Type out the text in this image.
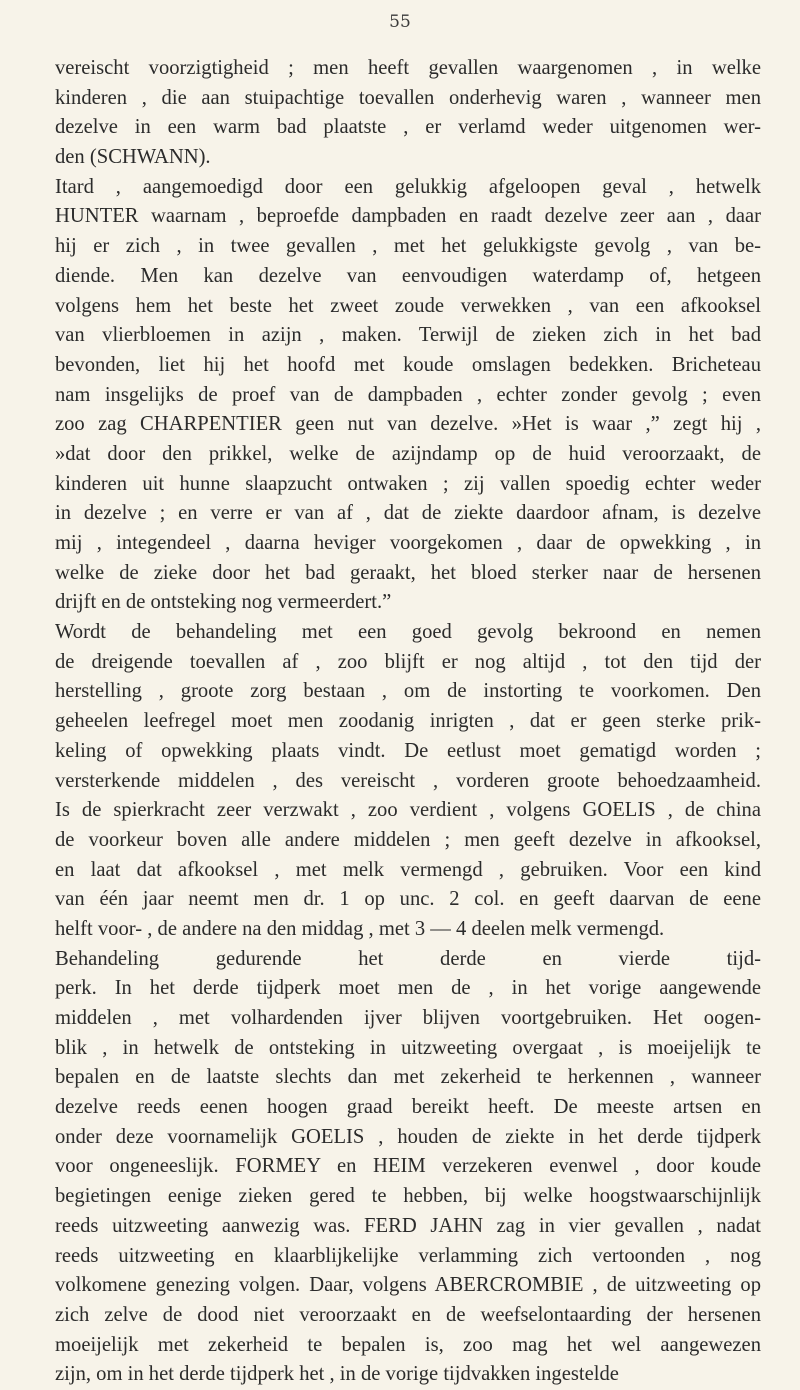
55
vereischt voorzigtigheid ; men heeft gevallen waargenomen , in welke
kinderen , die aan stuipachtige toevallen onderhevig waren , wanneer men
dezelve in een warm bad plaatste , er verlamd weder uitgenomen wer-
den (SCHWANN).
Itard , aangemoedigd door een gelukkig afgeloopen geval , hetwelk
HUNTER waarnam , beproefde dampbaden en raadt dezelve zeer aan , daar
hij er zich , in twee gevallen , met het gelukkigste gevolg , van be-
diende. Men kan dezelve van eenvoudigen waterdamp of, hetgeen
volgens hem het beste het zweet zoude verwekken , van een afkooksel
van vlierbloemen in azijn , maken. Terwijl de zieken zich in het bad
bevonden, liet hij het hoofd met koude omslagen bedekken. Bricheteau
nam insgelijks de proef van de dampbaden , echter zonder gevolg ; even
zoo zag CHARPENTIER geen nut van dezelve. »Het is waar ,” zegt hij ,
»dat door den prikkel, welke de azijndamp op de huid veroorzaakt, de
kinderen uit hunne slaapzucht ontwaken ; zij vallen spoedig echter weder
in dezelve ; en verre er van af , dat de ziekte daardoor afnam, is dezelve
mij , integendeel , daarna heviger voorgekomen , daar de opwekking , in
welke de zieke door het bad geraakt, het bloed sterker naar de hersenen
drijft en de ontsteking nog vermeerdert.”
Wordt de behandeling met een goed gevolg bekroond en nemen
de dreigende toevallen af , zoo blijft er nog altijd , tot den tijd der
herstelling , groote zorg bestaan , om de instorting te voorkomen. Den
geheelen leefregel moet men zoodanig inrigten , dat er geen sterke prik-
keling of opwekking plaats vindt. De eetlust moet gematigd worden ;
versterkende middelen , des vereischt , vorderen groote behoedzaamheid.
Is de spierkracht zeer verzwakt , zoo verdient , volgens GOELIS , de china
de voorkeur boven alle andere middelen ; men geeft dezelve in afkooksel,
en laat dat afkooksel , met melk vermengd , gebruiken. Voor een kind
van één jaar neemt men dr. 1 op unc. 2 col. en geeft daarvan de eene
helft voor- , de andere na den middag , met 3 — 4 deelen melk vermengd.
Behandeling gedurende het derde en vierde tijd-
perk. In het derde tijdperk moet men de , in het vorige aangewende
middelen , met volhardenden ijver blijven voortgebruiken. Het oogen-
blik , in hetwelk de ontsteking in uitzweeting overgaat , is moeijelijk te
bepalen en de laatste slechts dan met zekerheid te herkennen , wanneer
dezelve reeds eenen hoogen graad bereikt heeft. De meeste artsen en
onder deze voornamelijk GOELIS , houden de ziekte in het derde tijdperk
voor ongeneeslijk. FORMEY en HEIM verzekeren evenwel , door koude
begietingen eenige zieken gered te hebben, bij welke hoogstwaarschijnlijk
reeds uitzweeting aanwezig was. FERD JAHN zag in vier gevallen , nadat
reeds uitzweeting en klaarblijkelijke verlamming zich vertoonden , nog
volkomene genezing volgen. Daar, volgens ABERCROMBIE , de uitzweeting op
zich zelve de dood niet veroorzaakt en de weefselontaarding der hersenen
moeijelijk met zekerheid te bepalen is, zoo mag het wel aangewezen
zijn, om in het derde tijdperk het , in de vorige tijdvakken ingestelde
